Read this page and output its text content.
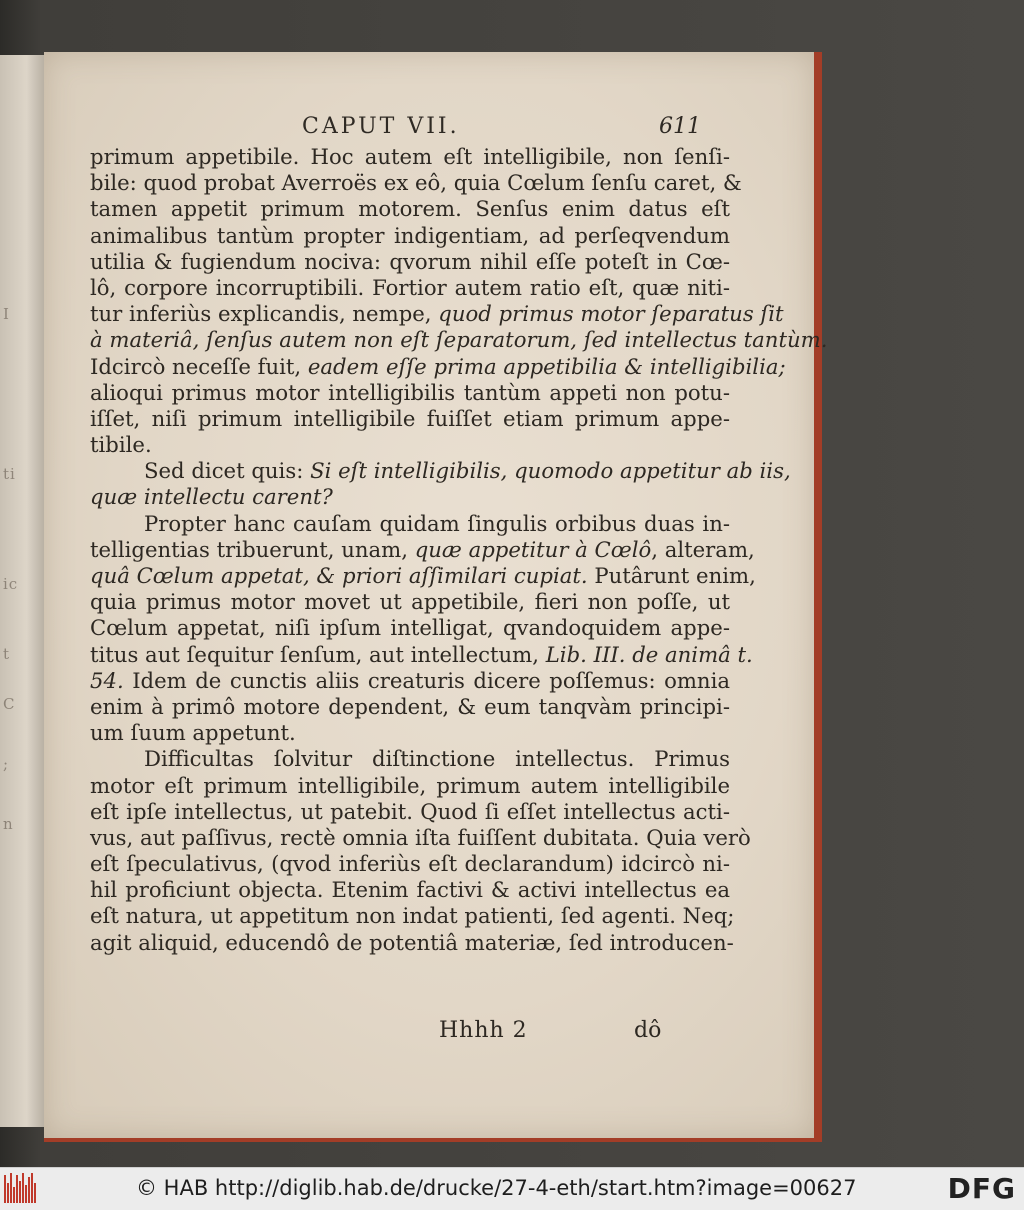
I
ti
ic
t
C
;
n
CAPUT VII.	611
primum appetibile. Hoc autem eſt intelligibile, non ſenſi-
bile: quod probat Averroës ex eô, quia Cœlum ſenſu caret, &
tamen appetit primum motorem. Senſus enim datus eſt
animalibus tantùm propter indigentiam, ad perſeqvendum
utilia & fugiendum nociva: qvorum nihil eſſe poteſt in Cœ-
lô, corpore incorruptibili. Fortior autem ratio eſt, quæ niti-
tur inferiùs explicandis, nempe, quod primus motor ſeparatus ſit
à materiâ, ſenſus autem non eſt ſeparatorum, ſed intellectus tantùm.
Idcircò neceſſe fuit, eadem eſſe prima appetibilia & intelligibilia;
alioqui primus motor intelligibilis tantùm appeti non potu-
iſſet, niſi primum intelligibile fuiſſet etiam primum appe-
tibile.
Sed dicet quis: Si eſt intelligibilis, quomodo appetitur ab iis,
quæ intellectu carent?
Propter hanc cauſam quidam ſingulis orbibus duas in-
telligentias tribuerunt, unam, quæ appetitur à Cœlô, alteram,
quâ Cœlum appetat, & priori aſſimilari cupiat. Putârunt enim,
quia primus motor movet ut appetibile, fieri non poſſe, ut
Cœlum appetat, niſi ipſum intelligat, qvandoquidem appe-
titus aut ſequitur ſenſum, aut intellectum, Lib. III. de animâ t.
54. Idem de cunctis aliis creaturis dicere poſſemus: omnia
enim à primô motore dependent, & eum tanqvàm principi-
um ſuum appetunt.
Difficultas ſolvitur diſtinctione intellectus. Primus
motor eſt primum intelligibile, primum autem intelligibile
eſt ipſe intellectus, ut patebit. Quod ſi eſſet intellectus acti-
vus, aut paſſivus, rectè omnia iſta fuiſſent dubitata. Quia verò
eſt ſpeculativus, (qvod inferiùs eſt declarandum) idcircò ni-
hil proficiunt objecta. Etenim factivi & activi intellectus ea
eſt natura, ut appetitum non indat patienti, ſed agenti. Neq;
agit aliquid, educendô de potentiâ materiæ, ſed introducen-
Hhhh 2	dô
© HAB http://diglib.hab.de/drucke/27-4-eth/start.htm?image=00627	DFG
